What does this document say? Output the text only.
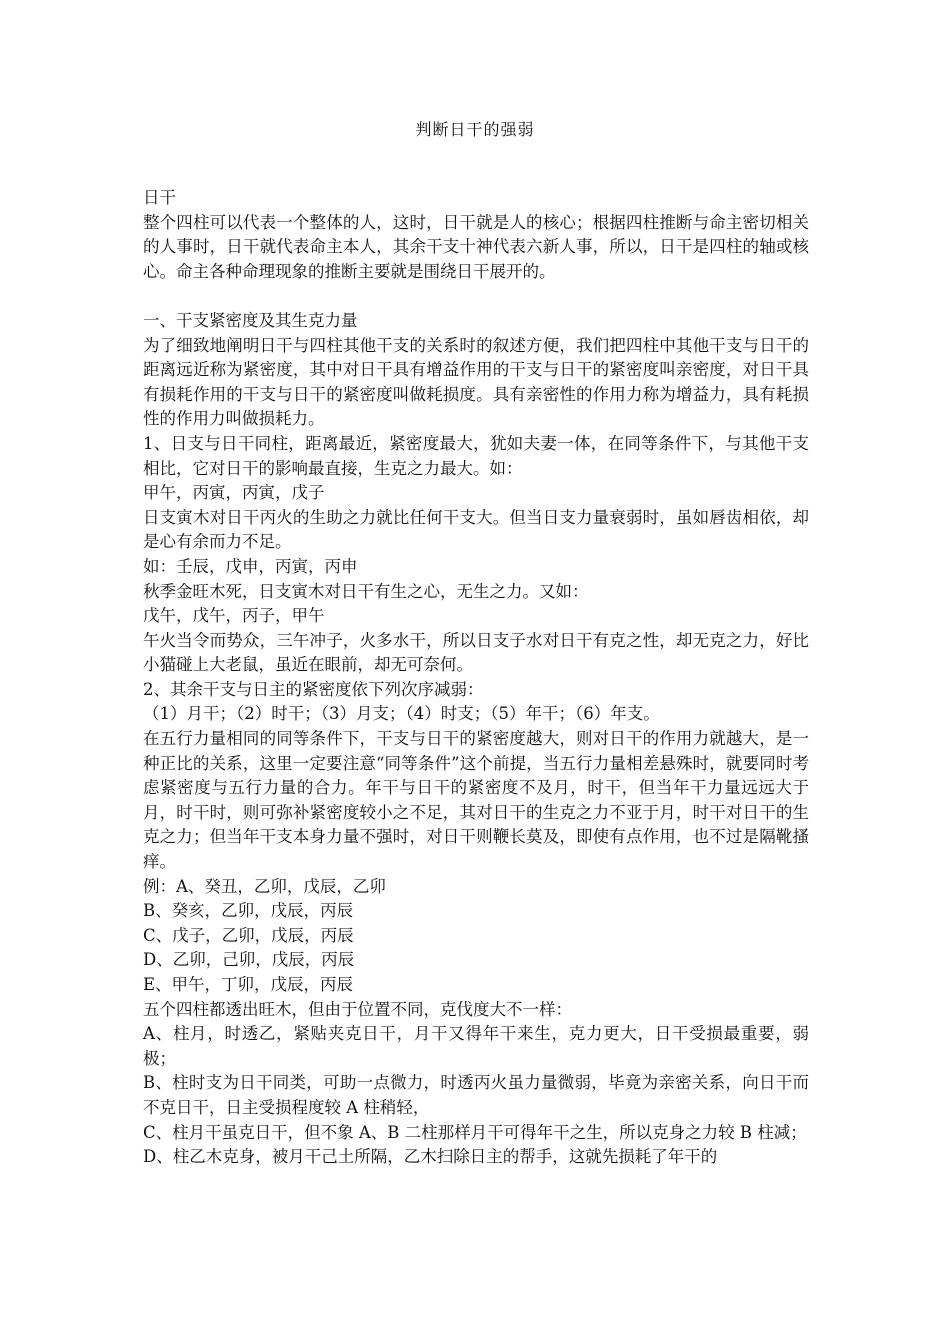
判断日干的强弱

日干

整个四柱可以代表一个整体的人，这时，日干就是人的核心；根据四柱推断与命主密切相关的人事时，日干就代表命主本人，其余干支十神代表六新人事，所以，日干是四柱的轴或核心。命主各种命理现象的推断主要就是围绕日干展开的。

一、干支紧密度及其生克力量

为了细致地阐明日干与四柱其他干支的关系时的叙述方便，我们把四柱中其他干支与日干的距离远近称为紧密度，其中对日干具有增益作用的干支与日干的紧密度叫亲密度，对日干具有损耗作用的干支与日干的紧密度叫做耗损度。具有亲密性的作用力称为增益力，具有耗损性的作用力叫做损耗力。

1、日支与日干同柱，距离最近，紧密度最大，犹如夫妻一体，在同等条件下，与其他干支相比，它对日干的影响最直接，生克之力最大。如：

甲午，丙寅，丙寅，戊子

日支寅木对日干丙火的生助之力就比任何干支大。但当日支力量衰弱时，虽如唇齿相依，却是心有余而力不足。

如：壬辰，戊申，丙寅，丙申

秋季金旺木死，日支寅木对日干有生之心，无生之力。又如：

戊午，戊午，丙子，甲午

午火当令而势众，三午冲子，火多水干，所以日支子水对日干有克之性，却无克之力，好比小猫碰上大老鼠，虽近在眼前，却无可奈何。

2、其余干支与日主的紧密度依下列次序减弱：

（1）月干；（2）时干；（3）月支；（4）时支；（5）年干；（6）年支。

在五行力量相同的同等条件下，干支与日干的紧密度越大，则对日干的作用力就越大，是一种正比的关系，这里一定要注意“同等条件”这个前提，当五行力量相差悬殊时，就要同时考虑紧密度与五行力量的合力。年干与日干的紧密度不及月，时干，但当年干力量远远大于月，时干时，则可弥补紧密度较小之不足，其对日干的生克之力不亚于月，时干对日干的生克之力；但当年干支本身力量不强时，对日干则鞭长莫及，即使有点作用，也不过是隔靴搔痒。

例：A、癸丑，乙卯，戊辰，乙卯

B、癸亥，乙卯，戊辰，丙辰

C、戊子，乙卯，戊辰，丙辰

D、乙卯，己卯，戊辰，丙辰

E、甲午，丁卯，戊辰，丙辰

五个四柱都透出旺木，但由于位置不同，克伐度大不一样：

A、柱月，时透乙，紧贴夹克日干，月干又得年干来生，克力更大，日干受损最重要，弱极；

B、柱时支为日干同类，可助一点微力，时透丙火虽力量微弱，毕竟为亲密关系，向日干而不克日干，日主受损程度较 A 柱稍轻，

C、柱月干虽克日干，但不象 A、B 二柱那样月干可得年干之生，所以克身之力较 B 柱减；

D、柱乙木克身，被月干己土所隔，乙木扫除日主的帮手，这就先损耗了年干的
